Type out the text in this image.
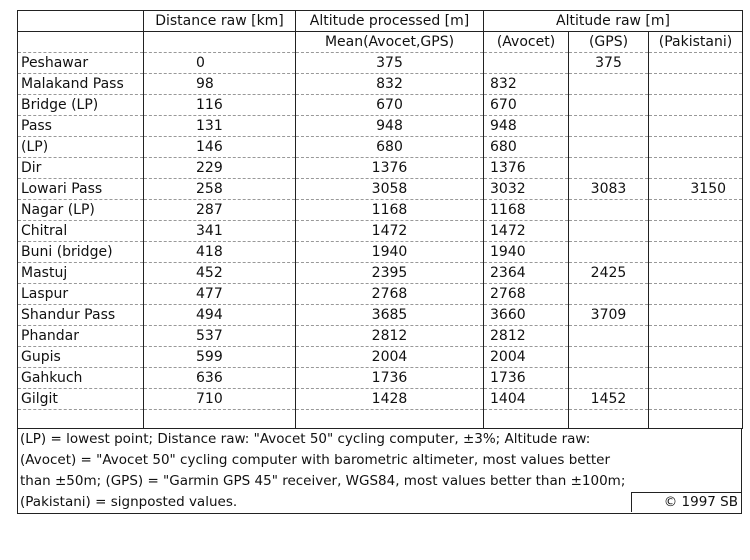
	Distance raw [km]	Altitude processed [m]	Altitude raw [m]		
		Mean(Avocet,GPS)	(Avocet)	(GPS)	(Pakistani)
Peshawar	0	375		375	
Malakand Pass	98	832	832		
Bridge (LP)	116	670	670		
Pass	131	948	948		
(LP)	146	680	680		
Dir	229	1376	1376		
Lowari Pass	258	3058	3032	3083	3150
Nagar (LP)	287	1168	1168		
Chitral	341	1472	1472		
Buni (bridge)	418	1940	1940		
Mastuj	452	2395	2364	2425	
Laspur	477	2768	2768		
Shandur Pass	494	3685	3660	3709	
Phandar	537	2812	2812		
Gupis	599	2004	2004		
Gahkuch	636	1736	1736		
Gilgit	710	1428	1404	1452	

(LP) = lowest point; Distance raw: "Avocet 50" cycling computer, ±3%; Altitude raw:
(Avocet) = "Avocet 50" cycling computer with barometric altimeter, most values better
than ±50m; (GPS) = "Garmin GPS 45" receiver, WGS84, most values better than ±100m;
(Pakistani) = signposted values.	© 1997 SB
